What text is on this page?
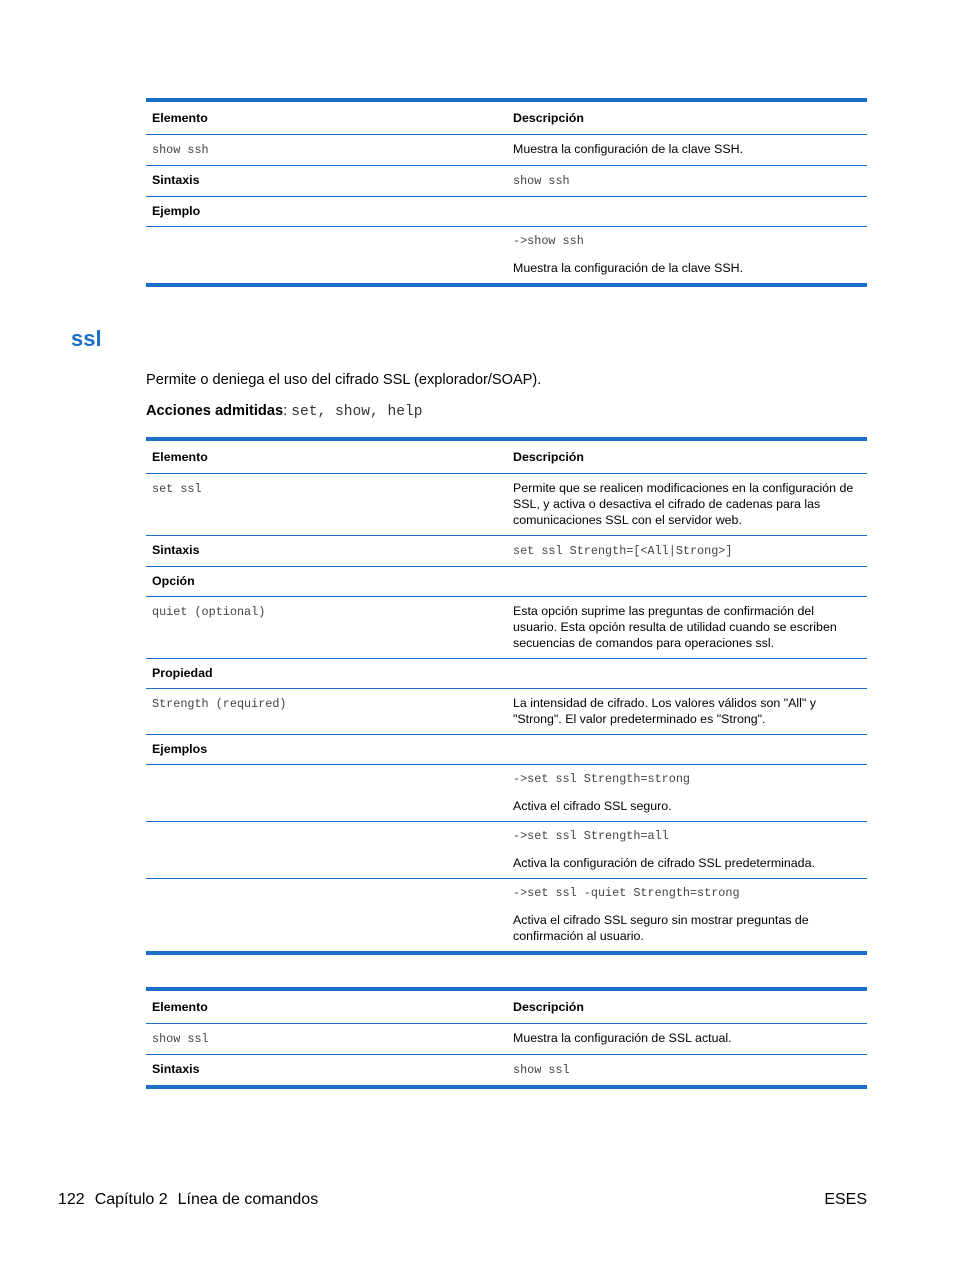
Elemento	Descripción
show ssh	Muestra la configuración de la clave SSH.
Sintaxis	show ssh
Ejemplo	

	->show ssh
Muestra la configuración de la clave SSH.
ssl

Permite o deniega el uso del cifrado SSL (explorador/SOAP).

Acciones admitidas: set, show, help

Elemento	Descripción
set ssl	Permite que se realicen modificaciones en la configuración de SSL, y activa o desactiva el cifrado de cadenas para las comunicaciones SSL con el servidor web.
Sintaxis	set ssl Strength=[<All|Strong>]
Opción	
quiet (optional)	Esta opción suprime las preguntas de confirmación del usuario. Esta opción resulta de utilidad cuando se escriben secuencias de comandos para operaciones ssl.
Propiedad	
Strength (required)	La intensidad de cifrado. Los valores válidos son "All" y "Strong". El valor predeterminado es "Strong".
Ejemplos	

	->set ssl Strength=strong
Activa el cifrado SSL seguro.

	->set ssl Strength=all
Activa la configuración de cifrado SSL predeterminada.

	->set ssl -quiet Strength=strong
Activa el cifrado SSL seguro sin mostrar preguntas de confirmación al usuario.
Elemento	Descripción
show ssl	Muestra la configuración de SSL actual.
Sintaxis	show ssl
122 Capítulo 2 Línea de comandos	ESES
